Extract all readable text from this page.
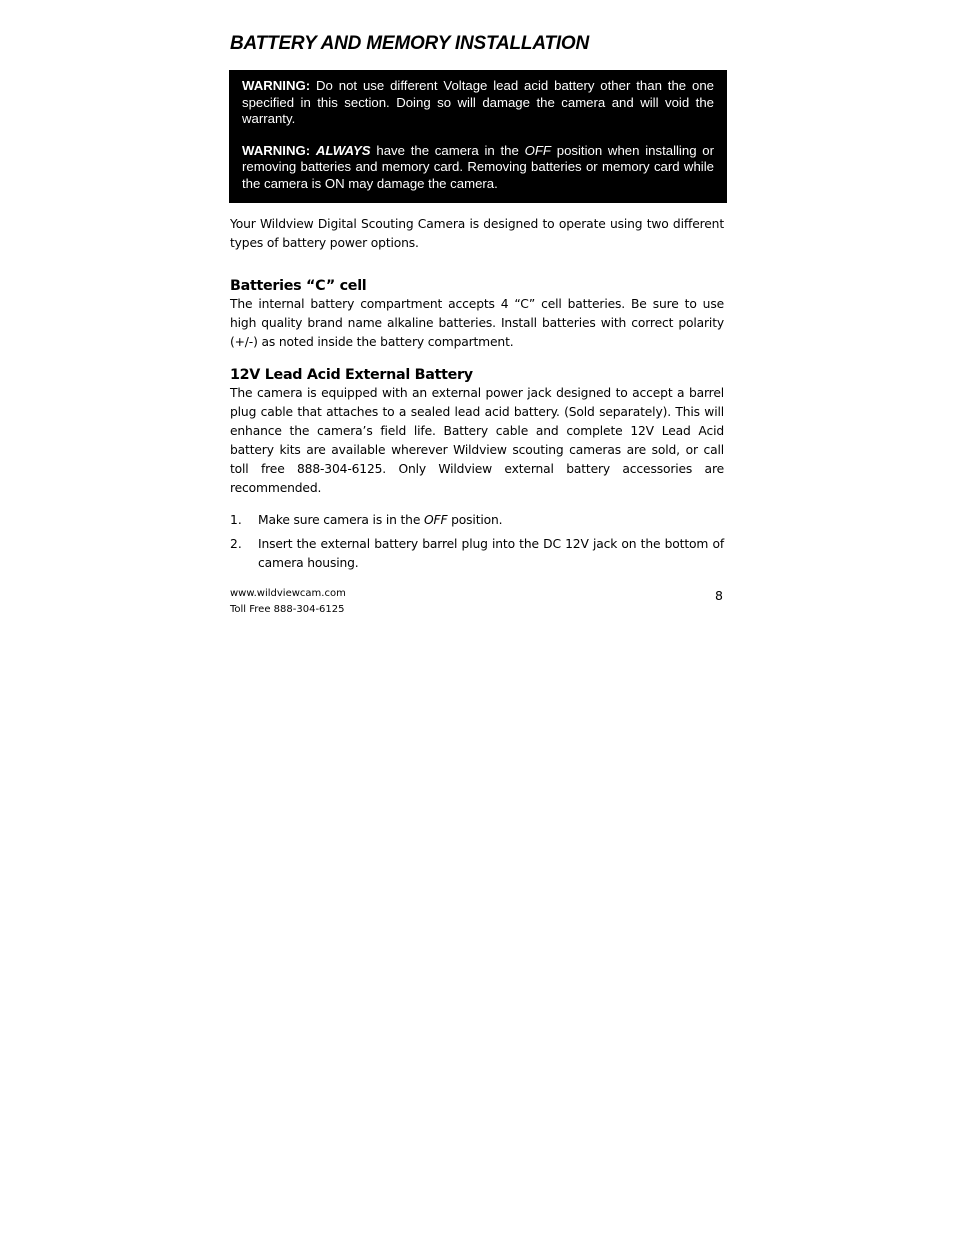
BATTERY AND MEMORY INSTALLATION

WARNING: Do not use different Voltage lead acid battery other than the one specified in this section. Doing so will damage the camera and will void the warranty.

WARNING: ALWAYS have the camera in the OFF position when installing or removing batteries and memory card. Removing batteries or memory card while the camera is ON may damage the camera.

Your Wildview Digital Scouting Camera is designed to operate using two different types of battery power options.

Batteries “C” cell

The internal battery compartment accepts 4 “C” cell batteries. Be sure to use high quality brand name alkaline batteries. Install batteries with correct polarity (+/-) as noted inside the battery compartment.

12V Lead Acid External Battery

The camera is equipped with an external power jack designed to accept a barrel plug cable that attaches to a sealed lead acid battery. (Sold separately). This will enhance the camera’s field life. Battery cable and complete 12V Lead Acid battery kits are available wherever Wildview scouting cameras are sold, or call toll free 888-304-6125. Only Wildview external battery accessories are recommended.

1. Make sure camera is in the OFF position.

2. Insert the external battery barrel plug into the DC 12V jack on the bottom of camera housing.

www.wildviewcam.com
Toll Free 888-304-6125
8
